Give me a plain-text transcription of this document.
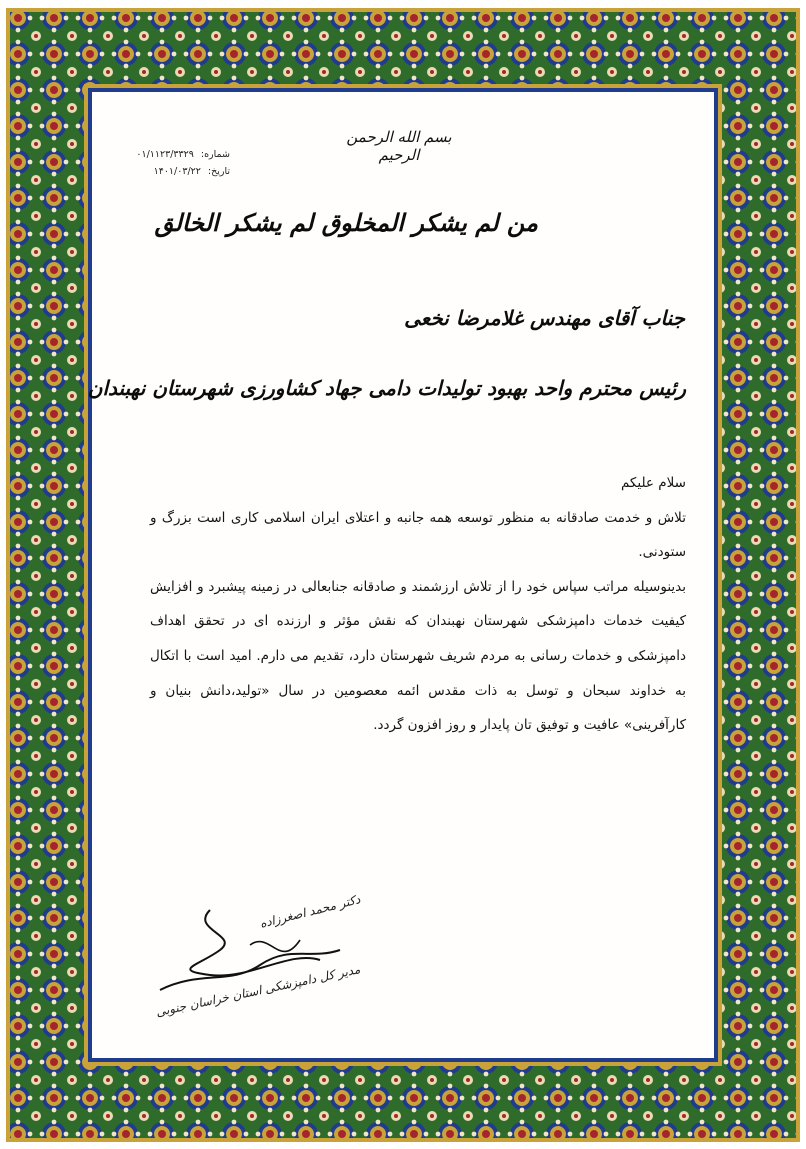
بسم الله الرحمن الرحیم
شماره: ۰۱/۱۱۲۳/۳۳۲۹
تاریخ: ۱۴۰۱/۰۳/۲۲
من لم یشکر المخلوق لم یشکر الخالق
جناب آقای مهندس غلامرضا نخعی
رئیس محترم واحد بهبود تولیدات دامی جهاد کشاورزی شهرستان نهبندان

سلام علیکم

تلاش و خدمت صادقانه به منظور توسعه همه جانبه و اعتلای ایران اسلامی کاری است بزرگ و ستودنی.

بدینوسیله مراتب سپاس خود را از تلاش ارزشمند و صادقانه جنابعالی در زمینه پیشبرد و افزایش کیفیت خدمات دامپزشکی شهرستان نهبندان که نقش مؤثر و ارزنده ای در تحقق اهداف دامپزشکی و خدمات رسانی به مردم شریف شهرستان دارد، تقدیم می دارم. امید است با اتکال به خداوند سبحان و توسل به ذات مقدس ائمه معصومین در سال «تولید،دانش بنیان و کارآفرینی» عافیت و توفیق تان پایدار و روز افزون گردد.

دکتر محمد اصغرزاده
مدیر کل دامپزشکی استان خراسان جنوبی
